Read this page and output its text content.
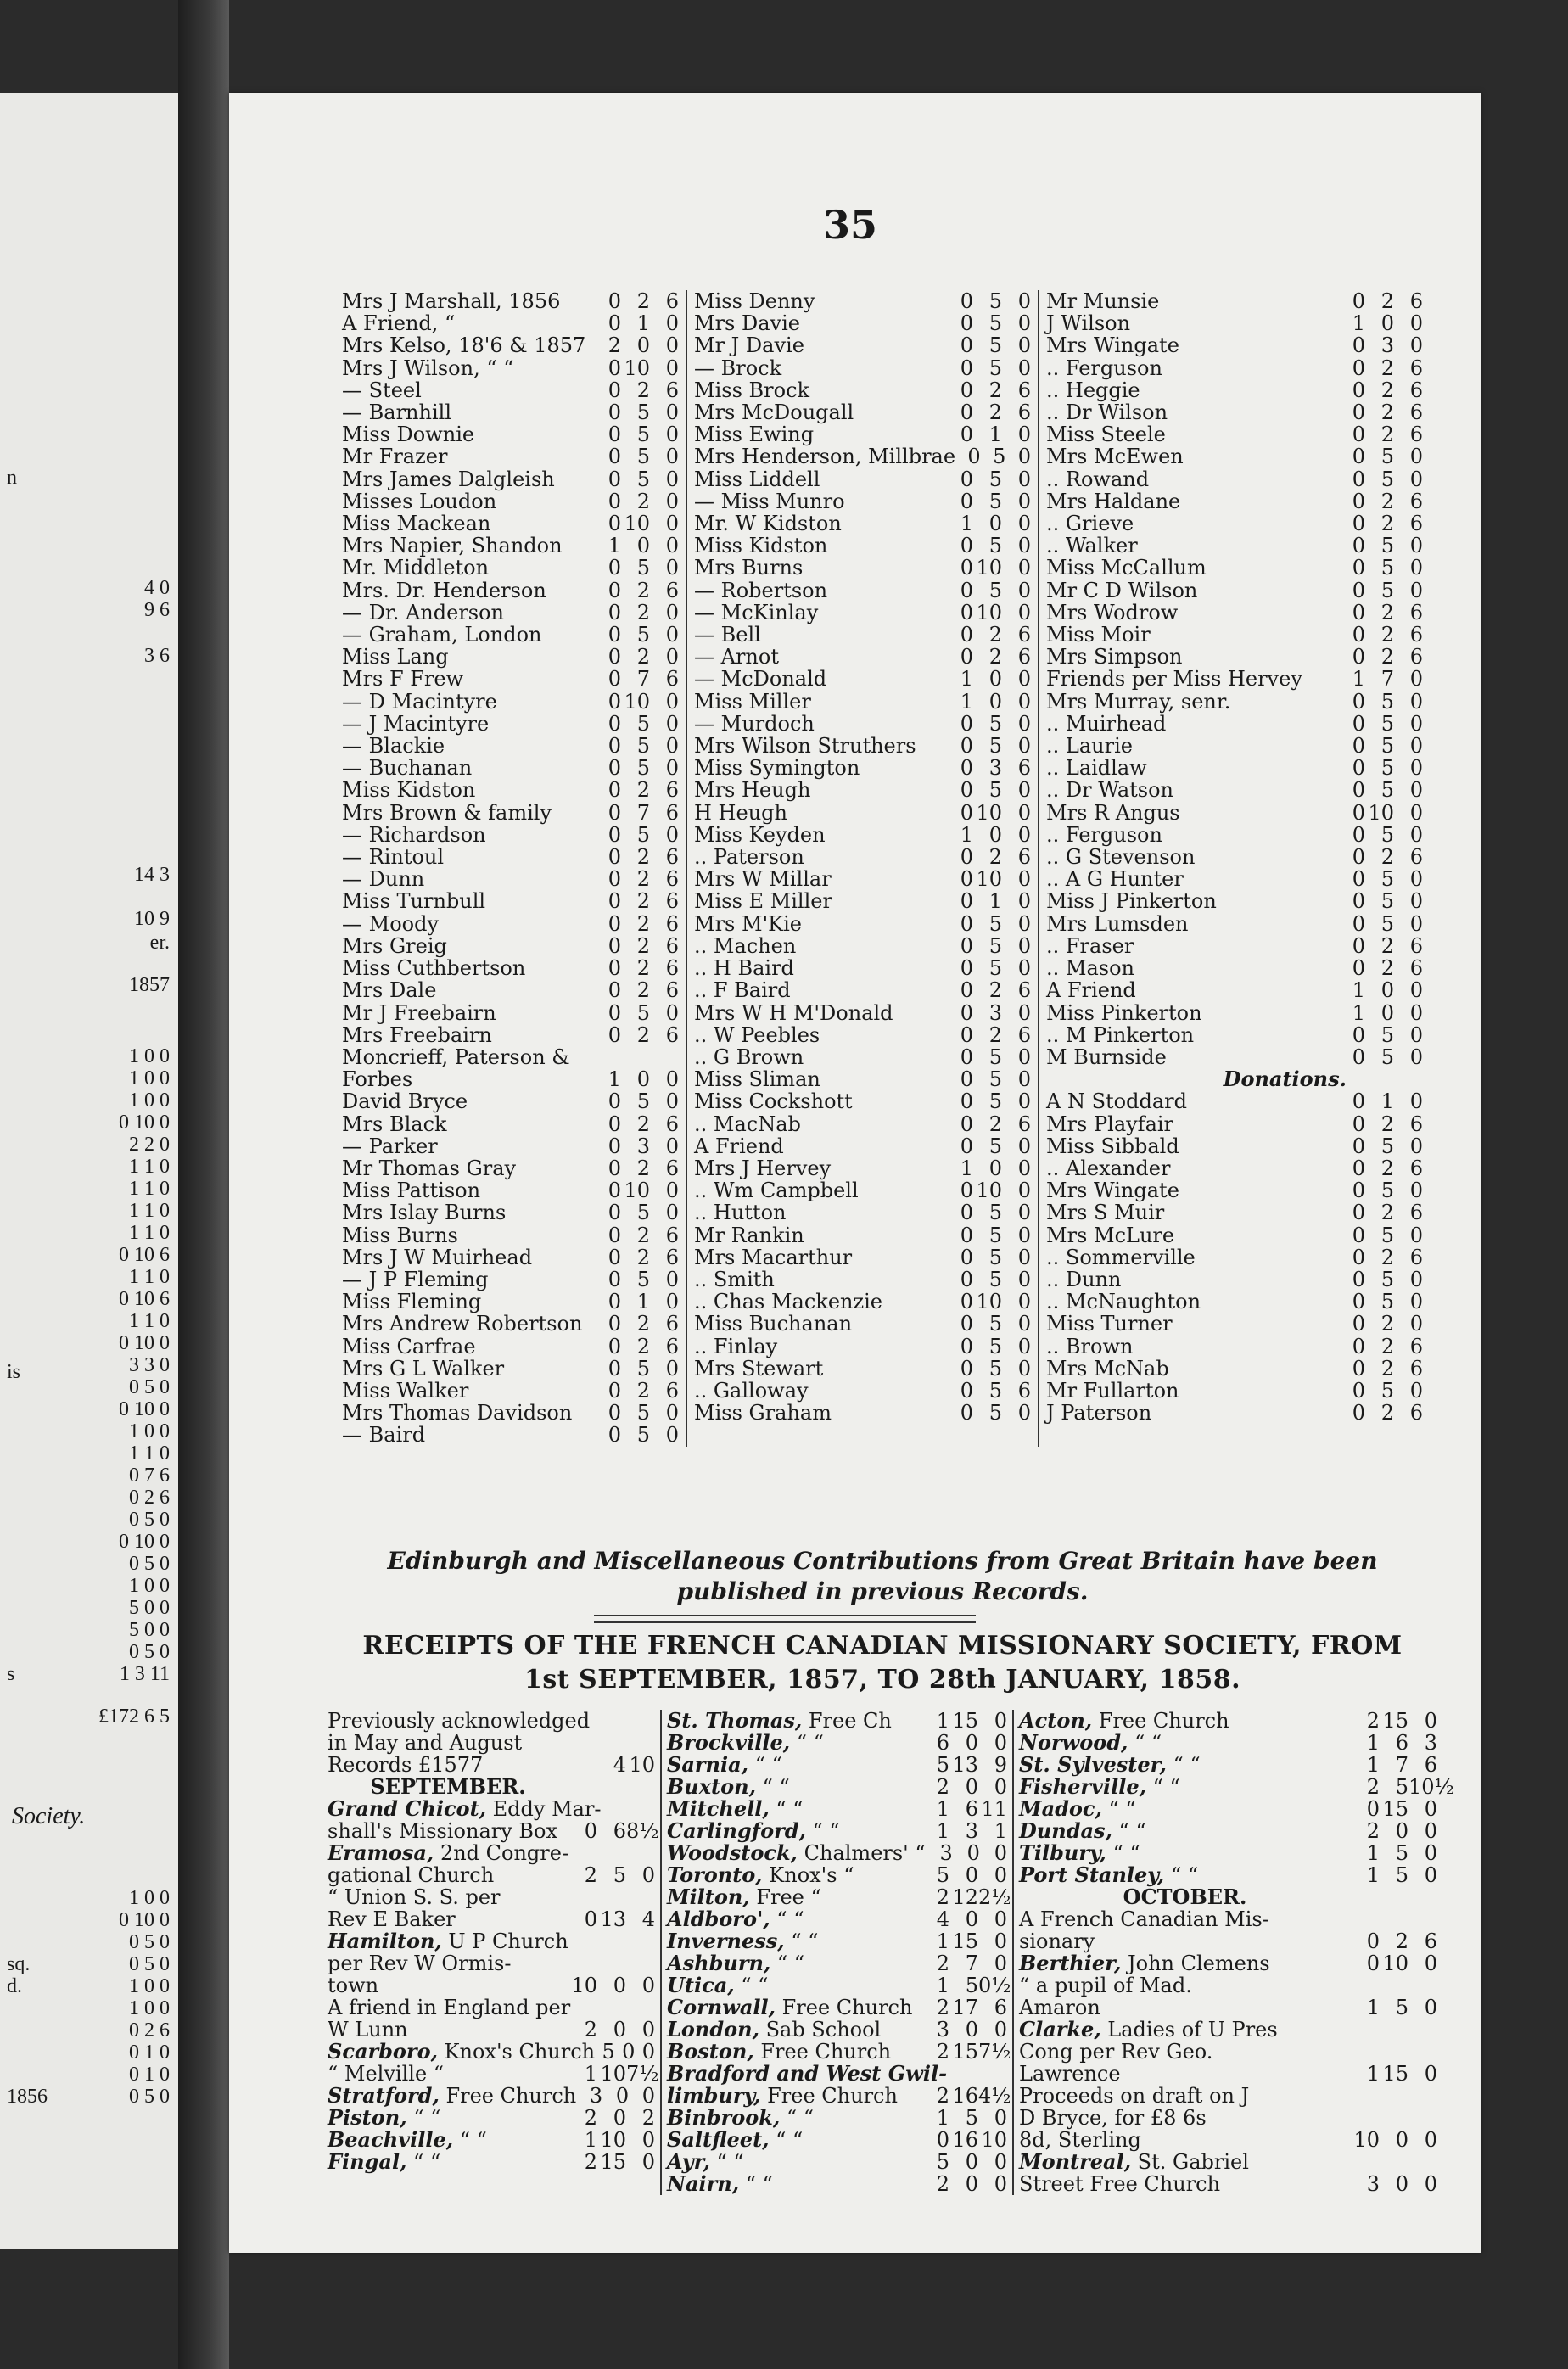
4 0
9 6
3 6
14 3
10 9
er.
1857
1 0 0
1 0 0
1 0 0
0 10 0
2 2 0
1 1 0
1 1 0
1 1 0
1 1 0
0 10 6
1 1 0
0 10 6
1 1 0
0 10 0
3 3 0
0 5 0
0 10 0
1 0 0
1 1 0
0 7 6
0 2 6
0 5 0
0 10 0
0 5 0
1 0 0
5 0 0
5 0 0
0 5 0
1 3 11
£172 6 5
1 0 0
0 10 0
0 5 0
0 5 0
1 0 0
1 0 0
0 2 6
0 1 0
0 1 0
0 5 0
n
is
s
Society.
sq.
d.
1856
35
Mrs J Marshall, 1856	0 2 6
A Friend, “	0 1 0
Mrs Kelso, 18'6 & 1857	2 0 0
Mrs J Wilson, “ “	0 10 0
— Steel	0 2 6
— Barnhill	0 5 0
Miss Downie	0 5 0
Mr Frazer	0 5 0
Mrs James Dalgleish	0 5 0
Misses Loudon	0 2 0
Miss Mackean	0 10 0
Mrs Napier, Shandon	1 0 0
Mr. Middleton	0 5 0
Mrs. Dr. Henderson	0 2 6
— Dr. Anderson	0 2 0
— Graham, London	0 5 0
Miss Lang	0 2 0
Mrs F Frew	0 7 6
— D Macintyre	0 10 0
— J Macintyre	0 5 0
— Blackie	0 5 0
— Buchanan	0 5 0
Miss Kidston	0 2 6
Mrs Brown & family	0 7 6
— Richardson	0 5 0
— Rintoul	0 2 6
— Dunn	0 2 6
Miss Turnbull	0 2 6
— Moody	0 2 6
Mrs Greig	0 2 6
Miss Cuthbertson	0 2 6
Mrs Dale	0 2 6
Mr J Freebairn	0 5 0
Mrs Freebairn	0 2 6
Moncrieff, Paterson &
Forbes	1 0 0
David Bryce	0 5 0
Mrs Black	0 2 6
— Parker	0 3 0
Mr Thomas Gray	0 2 6
Miss Pattison	0 10 0
Mrs Islay Burns	0 5 0
Miss Burns	0 2 6
Mrs J W Muirhead	0 2 6
— J P Fleming	0 5 0
Miss Fleming	0 1 0
Mrs Andrew Robertson	0 2 6
Miss Carfrae	0 2 6
Mrs G L Walker	0 5 0
Miss Walker	0 2 6
Mrs Thomas Davidson	0 5 0
— Baird	0 5 0
Miss Denny	0 5 0
Mrs Davie	0 5 0
Mr J Davie	0 5 0
— Brock	0 5 0
Miss Brock	0 2 6
Mrs McDougall	0 2 6
Miss Ewing	0 1 0
Mrs Henderson, Millbrae 0 5 0
Miss Liddell	0 5 0
— Miss Munro	0 5 0
Mr. W Kidston	1 0 0
Miss Kidston	0 5 0
Mrs Burns	0 10 0
— Robertson	0 5 0
— McKinlay	0 10 0
— Bell	0 2 6
— Arnot	0 2 6
— McDonald	1 0 0
Miss Miller	1 0 0
— Murdoch	0 5 0
Mrs Wilson Struthers	0 5 0
Miss Symington	0 3 6
Mrs Heugh	0 5 0
H Heugh	0 10 0
Miss Keyden	1 0 0
.. Paterson	0 2 6
Mrs W Millar	0 10 0
Miss E Miller	0 1 0
Mrs M'Kie	0 5 0
.. Machen	0 5 0
.. H Baird	0 5 0
.. F Baird	0 2 6
Mrs W H M'Donald	0 3 0
.. W Peebles	0 2 6
.. G Brown	0 5 0
Miss Sliman	0 5 0
Miss Cockshott	0 5 0
.. MacNab	0 2 6
A Friend	0 5 0
Mrs J Hervey	1 0 0
.. Wm Campbell	0 10 0
.. Hutton	0 5 0
Mr Rankin	0 5 0
Mrs Macarthur	0 5 0
.. Smith	0 5 0
.. Chas Mackenzie	0 10 0
Miss Buchanan	0 5 0
.. Finlay	0 5 0
Mrs Stewart	0 5 0
.. Galloway	0 5 6
Miss Graham	0 5 0
Mr Munsie	0 2 6
J Wilson	1 0 0
Mrs Wingate	0 3 0
.. Ferguson	0 2 6
.. Heggie	0 2 6
.. Dr Wilson	0 2 6
Miss Steele	0 2 6
Mrs McEwen	0 5 0
.. Rowand	0 5 0
Mrs Haldane	0 2 6
.. Grieve	0 2 6
.. Walker	0 5 0
Miss McCallum	0 5 0
Mr C D Wilson	0 5 0
Mrs Wodrow	0 2 6
Miss Moir	0 2 6
Mrs Simpson	0 2 6
Friends per Miss Hervey	1 7 0
Mrs Murray, senr.	0 5 0
.. Muirhead	0 5 0
.. Laurie	0 5 0
.. Laidlaw	0 5 0
.. Dr Watson	0 5 0
Mrs R Angus	0 10 0
.. Ferguson	0 5 0
.. G Stevenson	0 2 6
.. A G Hunter	0 5 0
Miss J Pinkerton	0 5 0
Mrs Lumsden	0 5 0
.. Fraser	0 2 6
.. Mason	0 2 6
A Friend	1 0 0
Miss Pinkerton	1 0 0
.. M Pinkerton	0 5 0
M Burnside	0 5 0
Donations.
A N Stoddard	0 1 0
Mrs Playfair	0 2 6
Miss Sibbald	0 5 0
.. Alexander	0 2 6
Mrs Wingate	0 5 0
Mrs S Muir	0 2 6
Mrs McLure	0 5 0
.. Sommerville	0 2 6
.. Dunn	0 5 0
.. McNaughton	0 5 0
Miss Turner	0 2 0
.. Brown	0 2 6
Mrs McNab	0 2 6
Mr Fullarton	0 5 0
J Paterson	0 2 6
Edinburgh and Miscellaneous Contributions from Great Britain have been published in previous Records.
RECEIPTS OF THE FRENCH CANADIAN MISSIONARY SOCIETY, FROM
1st SEPTEMBER, 1857, TO 28th JANUARY, 1858.
Previously acknowledged
in May and August
Records £1577	4 10
SEPTEMBER.
Grand Chicot, Eddy Mar-
shall's Missionary Box	0 6 8½
Eramosa, 2nd Congre-
gational Church	2 5 0
“ Union S. S. per
Rev E Baker	0 13 4
Hamilton, U P Church
per Rev W Ormis-
town	10 0 0
A friend in England per
W Lunn	2 0 0
Scarboro, Knox's Church 5 0 0
“ Melville “	1 10 7½
Stratford, Free Church 3 0 0
Piston, “ “	2 0 2
Beachville, “ “	1 10 0
Fingal, “ “	2 15 0
St. Thomas, Free Ch	1 15 0
Brockville, “ “	6 0 0
Sarnia, “ “	5 13 9
Buxton, “ “	2 0 0
Mitchell, “ “	1 6 11
Carlingford, “ “	1 3 1
Woodstock, Chalmers' “ 3 0 0
Toronto, Knox's “	5 0 0
Milton, Free “	2 12 2½
Aldboro', “ “	4 0 0
Inverness, “ “	1 15 0
Ashburn, “ “	2 7 0
Utica, “ “	1 5 0½
Cornwall, Free Church	2 17 6
London, Sab School	3 0 0
Boston, Free Church	2 15 7½
Bradford and West Gwil-
limbury, Free Church	2 16 4½
Binbrook, “ “	1 5 0
Saltfleet, “ “	0 16 10
Ayr, “ “	5 0 0
Nairn, “ “	2 0 0
Acton, Free Church	2 15 0
Norwood, “ “	1 6 3
St. Sylvester, “ “	1 7 6
Fisherville, “ “	2 5 10½
Madoc, “ “	0 15 0
Dundas, “ “	2 0 0
Tilbury, “ “	1 5 0
Port Stanley, “ “	1 5 0
OCTOBER.
A French Canadian Mis-
sionary	0 2 6
Berthier, John Clemens	0 10 0
“ a pupil of Mad.
Amaron	1 5 0
Clarke, Ladies of U Pres
Cong per Rev Geo.
Lawrence	1 15 0
Proceeds on draft on J
D Bryce, for £8 6s
8d, Sterling	10 0 0
Montreal, St. Gabriel
Street Free Church	3 0 0
